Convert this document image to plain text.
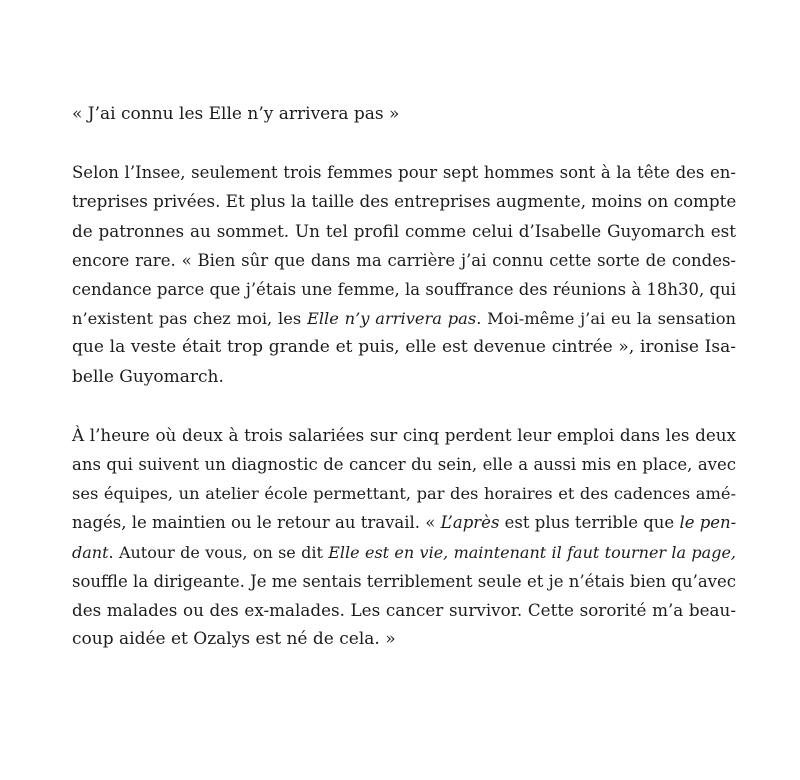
« J’ai connu les Elle n’y arrivera pas »

Selon l’Insee, seulement trois femmes pour sept hommes sont à la tête des en-
treprises privées. Et plus la taille des entreprises augmente, moins on compte
de patronnes au sommet. Un tel profil comme celui d’Isabelle Guyomarch est
encore rare. « Bien sûr que dans ma carrière j’ai connu cette sorte de condes-
cendance parce que j’étais une femme, la souffrance des réunions à 18h30, qui
n’existent pas chez moi, les Elle n’y arrivera pas. Moi-même j’ai eu la sensation
que la veste était trop grande et puis, elle est devenue cintrée », ironise Isa-
belle Guyomarch.

À l’heure où deux à trois salariées sur cinq perdent leur emploi dans les deux
ans qui suivent un diagnostic de cancer du sein, elle a aussi mis en place, avec
ses équipes, un atelier école permettant, par des horaires et des cadences amé-
nagés, le maintien ou le retour au travail. « L’après est plus terrible que le pen-
dant. Autour de vous, on se dit Elle est en vie, maintenant il faut tourner la page,
souffle la dirigeante. Je me sentais terriblement seule et je n’étais bien qu’avec
des malades ou des ex-malades. Les cancer survivor. Cette sororité m’a beau-
coup aidée et Ozalys est né de cela. »
